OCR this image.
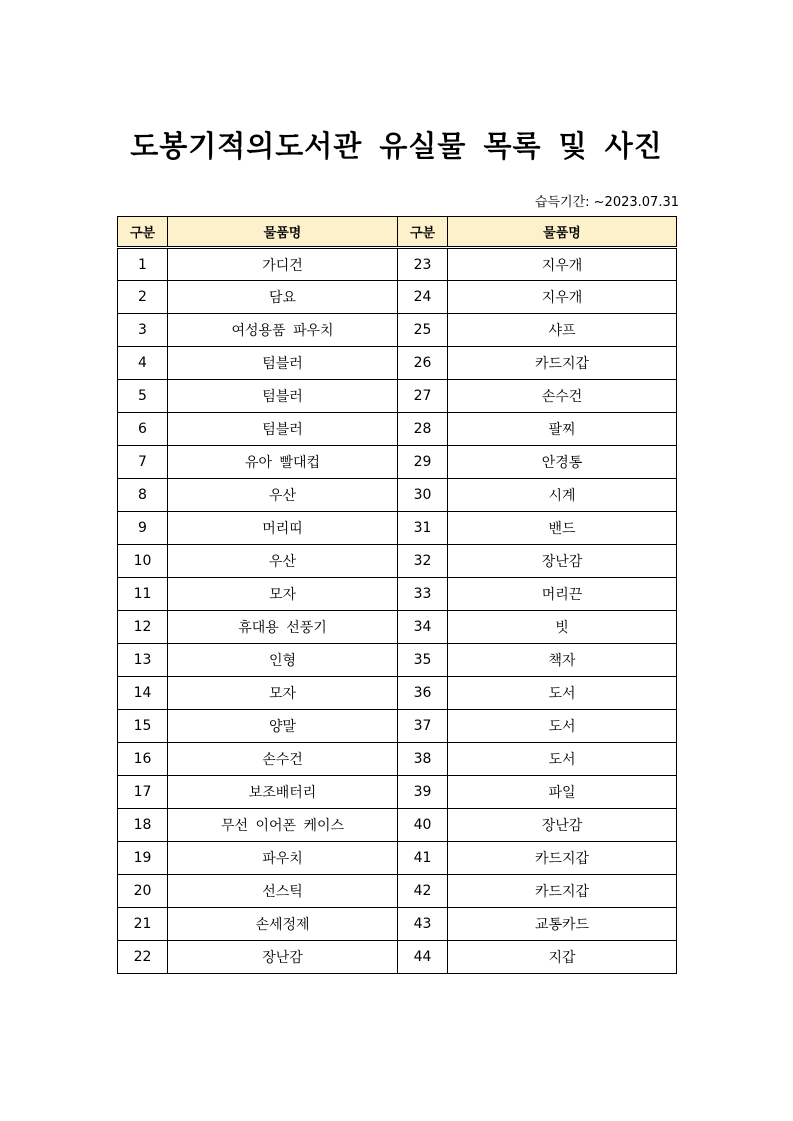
도봉기적의도서관 유실물 목록 및 사진
습득기간: ~2023.07.31
구분	물품명	구분	물품명
1	가디건	23	지우개
2	담요	24	지우개
3	여성용품 파우치	25	샤프
4	텀블러	26	카드지갑
5	텀블러	27	손수건
6	텀블러	28	팔찌
7	유아 빨대컵	29	안경통
8	우산	30	시계
9	머리띠	31	밴드
10	우산	32	장난감
11	모자	33	머리끈
12	휴대용 선풍기	34	빗
13	인형	35	책자
14	모자	36	도서
15	양말	37	도서
16	손수건	38	도서
17	보조배터리	39	파일
18	무선 이어폰 케이스	40	장난감
19	파우치	41	카드지갑
20	선스틱	42	카드지갑
21	손세정제	43	교통카드
22	장난감	44	지갑
